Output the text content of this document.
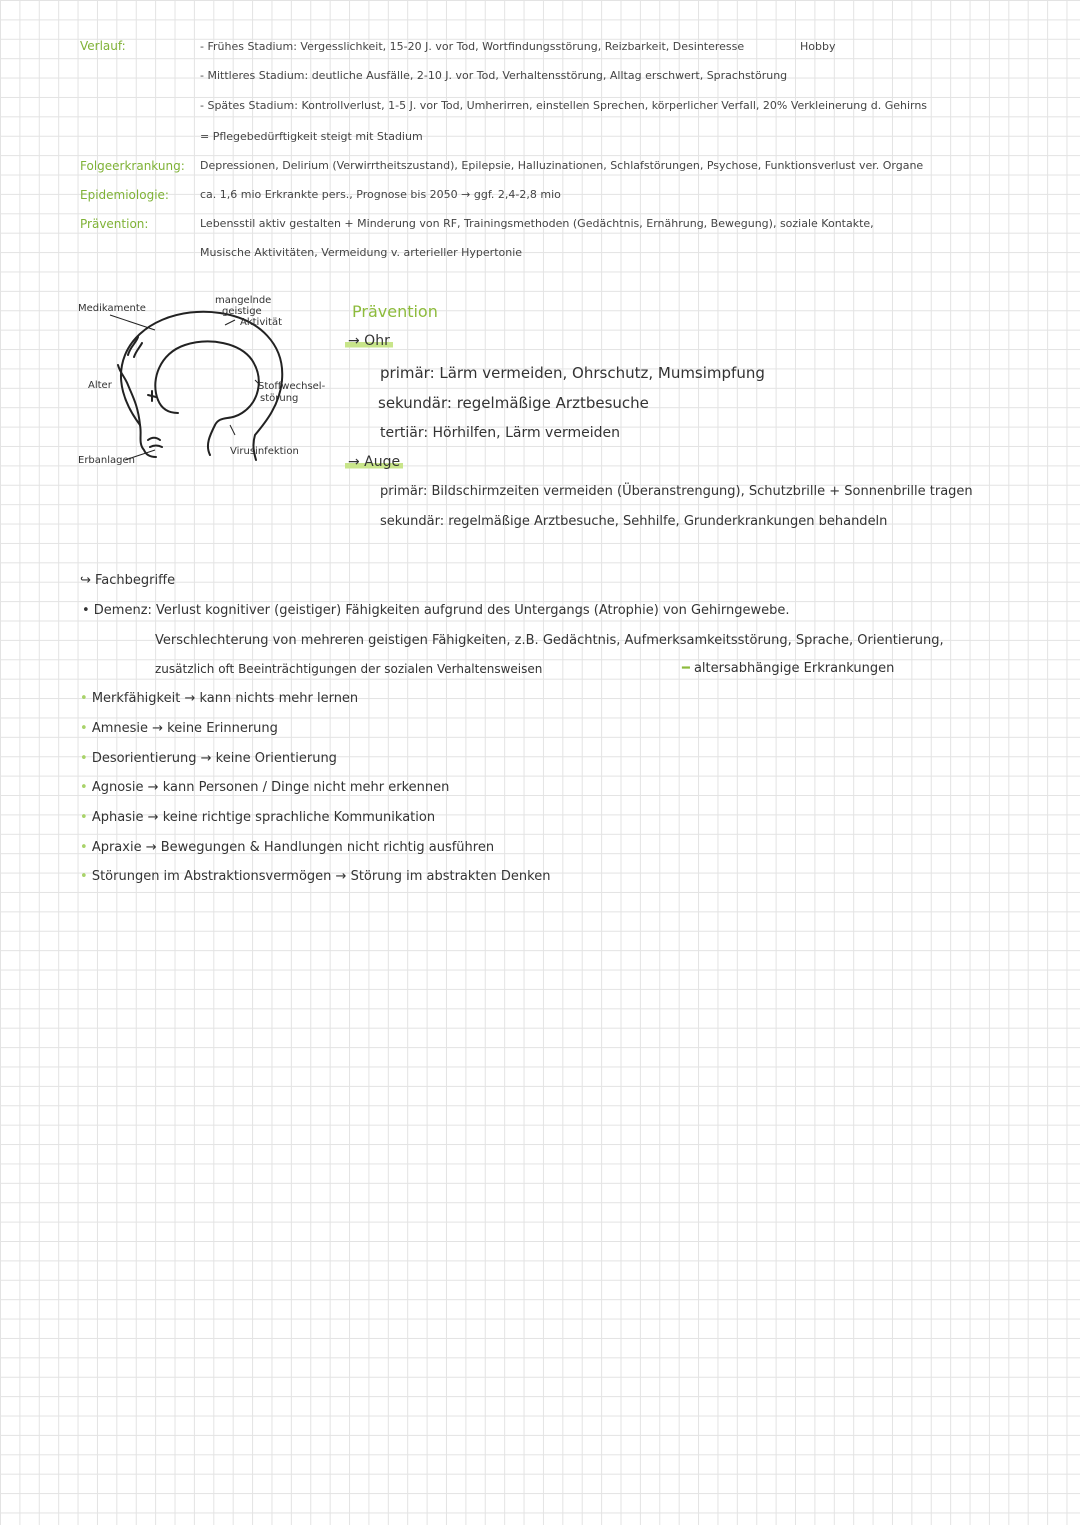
Verlauf:	- Frühes Stadium: Vergesslichkeit, 15-20 J. vor Tod, Wortfindungsstörung, Reizbarkeit, Desinteresse	Hobby
- Mittleres Stadium: deutliche Ausfälle, 2-10 J. vor Tod, Verhaltensstörung, Alltag erschwert, Sprachstörung
- Spätes Stadium: Kontrollverlust, 1-5 J. vor Tod, Umherirren, einstellen Sprechen, körperlicher Verfall, 20% Verkleinerung d. Gehirns
= Pflegebedürftigkeit steigt mit Stadium
Folgeerkrankung: Depressionen, Delirium (Verwirrtheitszustand), Epilepsie, Halluzinationen, Schlafstörungen, Psychose, Funktionsverlust ver. Organe
Epidemiologie:	ca. 1,6 mio Erkrankte pers., Prognose bis 2050 → ggf. 2,4-2,8 mio
Prävention:	Lebensstil aktiv gestalten + Minderung von RF, Trainingsmethoden (Gedächtnis, Ernährung, Bewegung), soziale Kontakte,
Musische Aktivitäten, Vermeidung v. arterieller Hypertonie
Medikamente
mangelnde
geistige
Aktivität
Alter	Stoffwechsel-
störung
Virusinfektion
Erbanlagen
Prävention
→ Ohr
primär: Lärm vermeiden, Ohrschutz, Mumsimpfung
sekundär: regelmäßige Arztbesuche
tertiär: Hörhilfen, Lärm vermeiden
→ Auge
primär: Bildschirmzeiten vermeiden (Überanstrengung), Schutzbrille + Sonnenbrille tragen
sekundär: regelmäßige Arztbesuche, Sehhilfe, Grunderkrankungen behandeln
↪ Fachbegriffe
• Demenz: Verlust kognitiver (geistiger) Fähigkeiten aufgrund des Untergangs (Atrophie) von Gehirngewebe.
Verschlechterung von mehreren geistigen Fähigkeiten, z.B. Gedächtnis, Aufmerksamkeitsstörung, Sprache, Orientierung,
zusätzlich oft Beeinträchtigungen der sozialen Verhaltensweisen	━ altersabhängige Erkrankungen
• Merkfähigkeit → kann nichts mehr lernen
• Amnesie → keine Erinnerung
• Desorientierung → keine Orientierung
• Agnosie → kann Personen / Dinge nicht mehr erkennen
• Aphasie → keine richtige sprachliche Kommunikation
• Apraxie → Bewegungen & Handlungen nicht richtig ausführen
• Störungen im Abstraktionsvermögen → Störung im abstrakten Denken
